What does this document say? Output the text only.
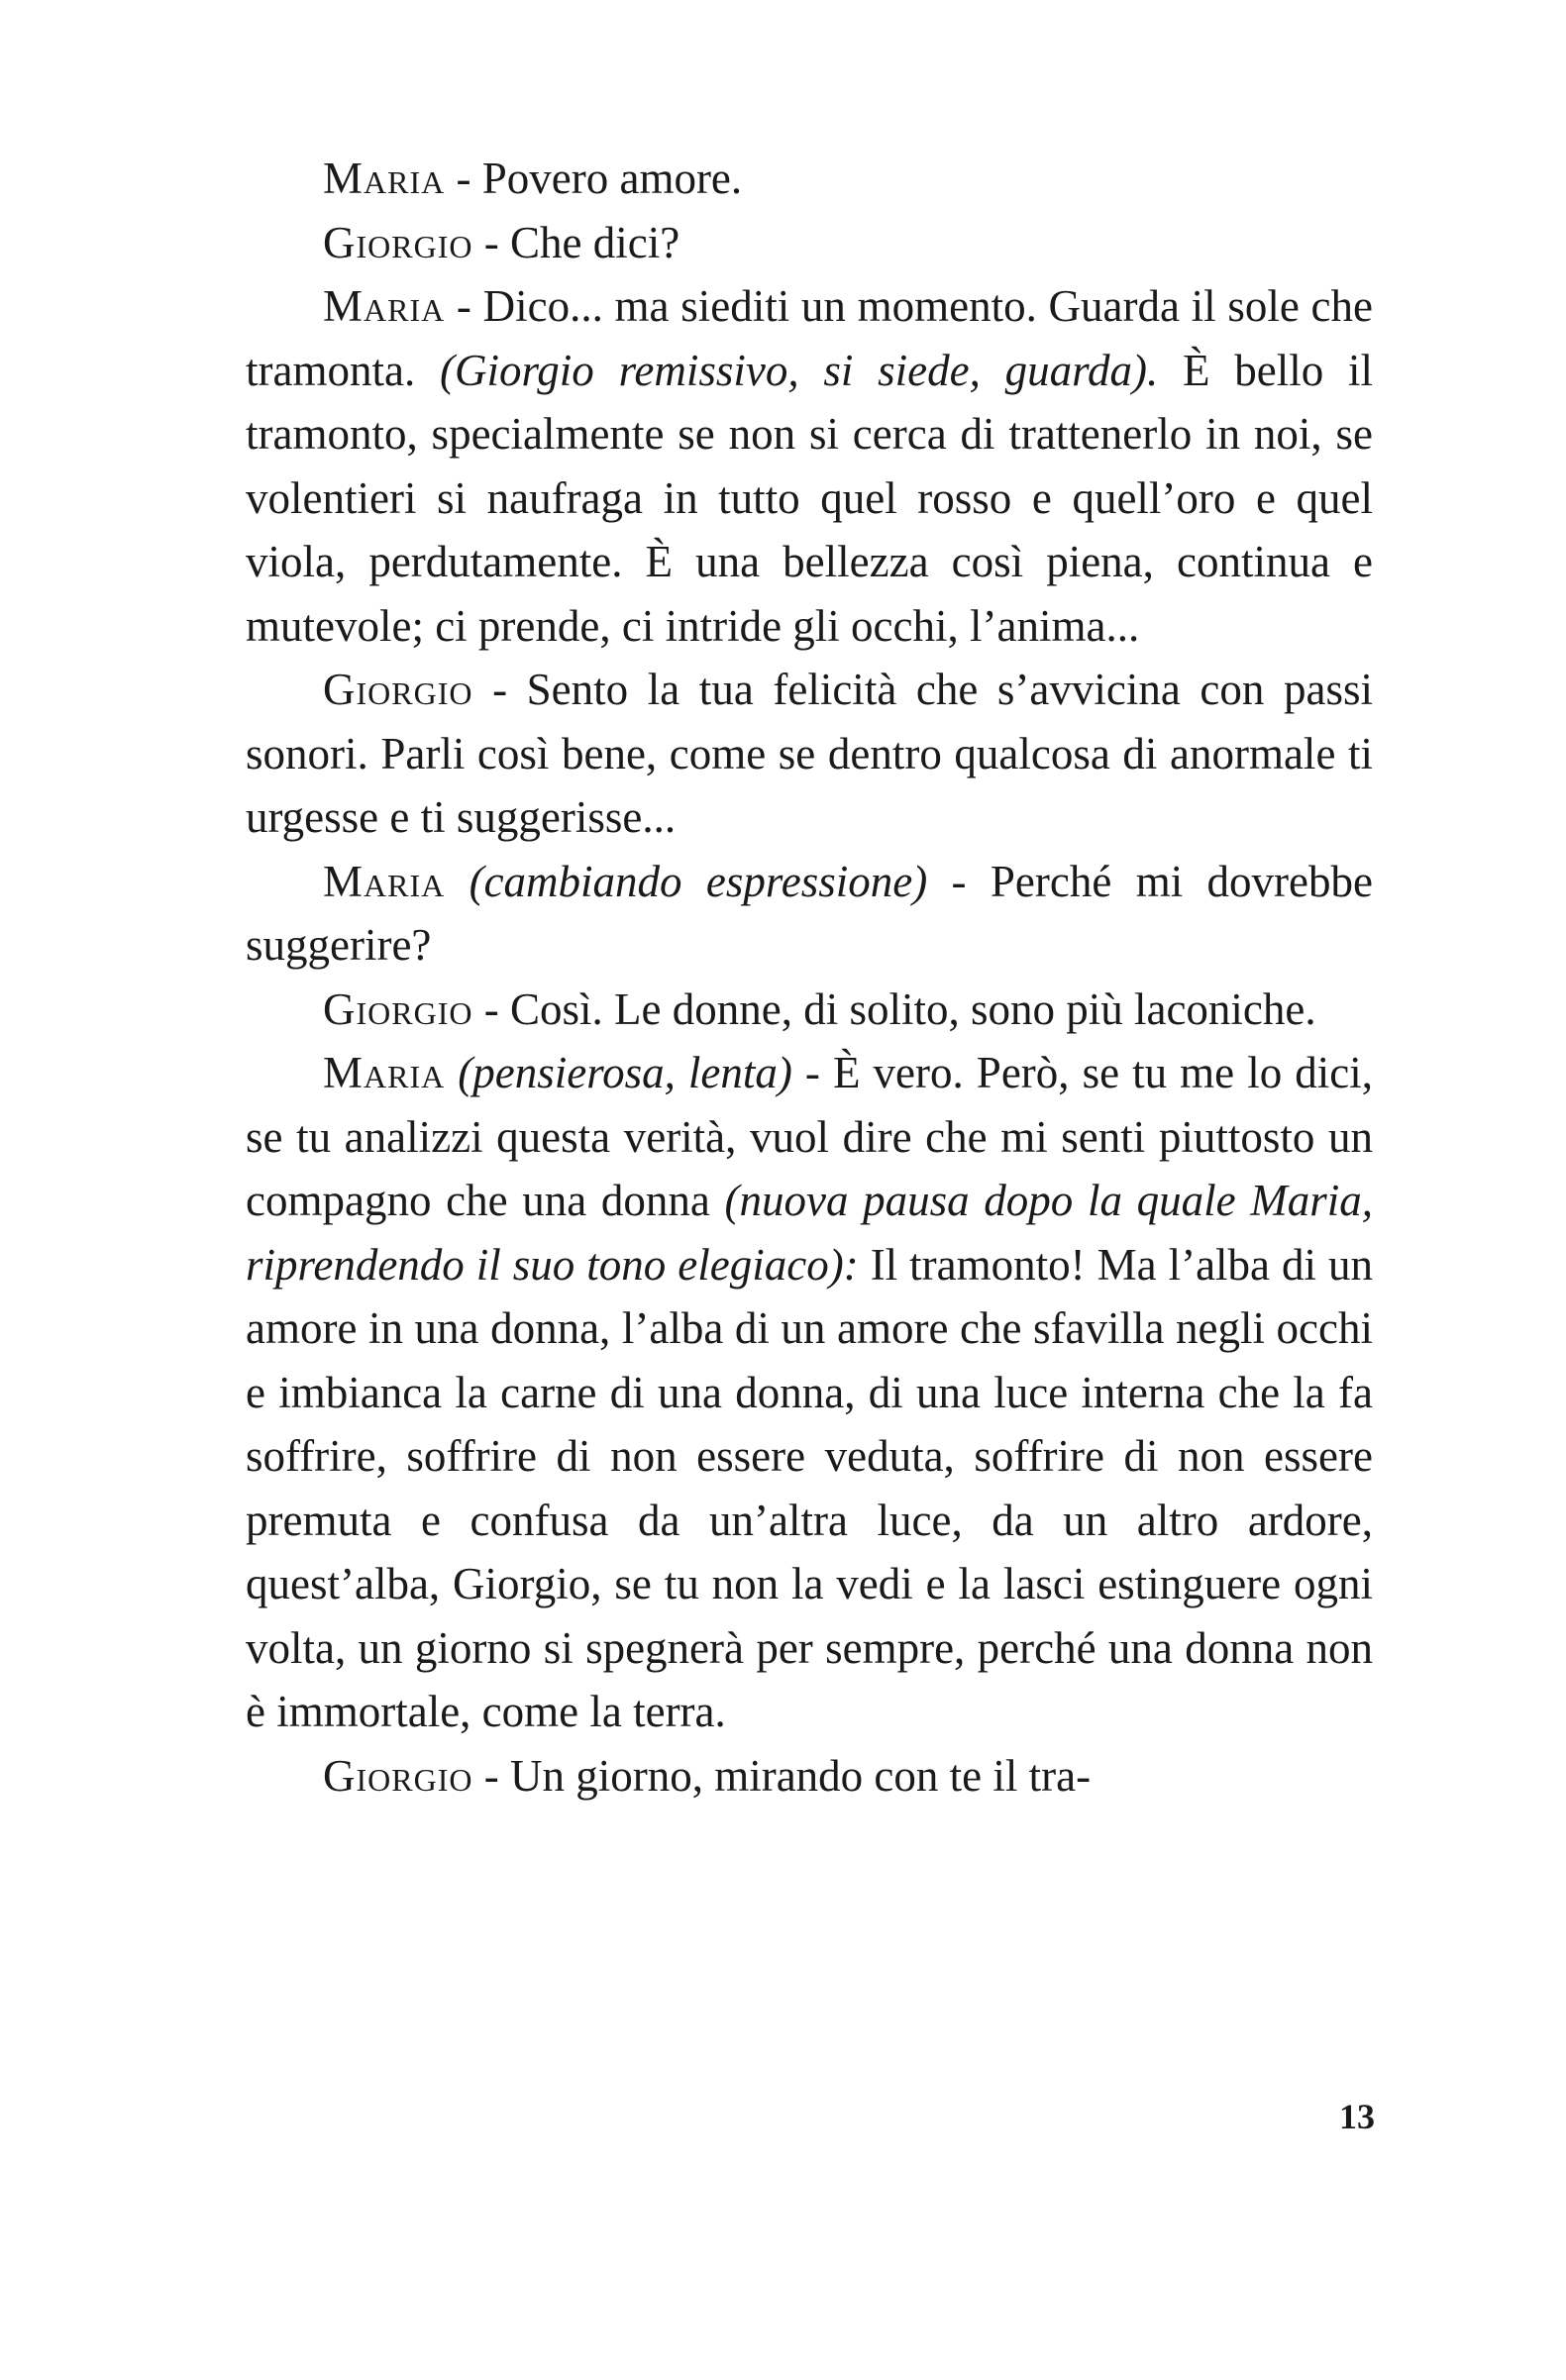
Maria - Povero amore.

Giorgio - Che dici?

Maria - Dico... ma siediti un momento. Guarda il sole che tramonta. (Giorgio remissivo, si siede, guarda). È bello il tramonto, specialmente se non si cerca di trattenerlo in noi, se volentieri si naufraga in tutto quel rosso e quell’oro e quel viola, perdutamente. È una bellezza così piena, continua e mutevole; ci prende, ci intride gli occhi, l’anima...

Giorgio - Sento la tua felicità che s’avvicina con passi sonori. Parli così bene, come se dentro qualcosa di anormale ti urgesse e ti suggerisse...

Maria (cambiando espressione) - Perché mi dovrebbe suggerire?

Giorgio - Così. Le donne, di solito, sono più laconiche.

Maria (pensierosa, lenta) - È vero. Però, se tu me lo dici, se tu analizzi questa verità, vuol dire che mi senti piuttosto un compagno che una donna (nuova pausa dopo la quale Maria, riprendendo il suo tono elegiaco): Il tramonto! Ma l’alba di un amore in una donna, l’alba di un amore che sfavilla negli occhi e imbianca la carne di una donna, di una luce interna che la fa soffrire, soffrire di non essere veduta, soffrire di non essere premuta e confusa da un’altra luce, da un altro ardore, quest’alba, Giorgio, se tu non la vedi e la lasci estinguere ogni volta, un giorno si spegnerà per sempre, perché una donna non è immortale, come la terra.

Giorgio - Un giorno, mirando con te il tra-

13
